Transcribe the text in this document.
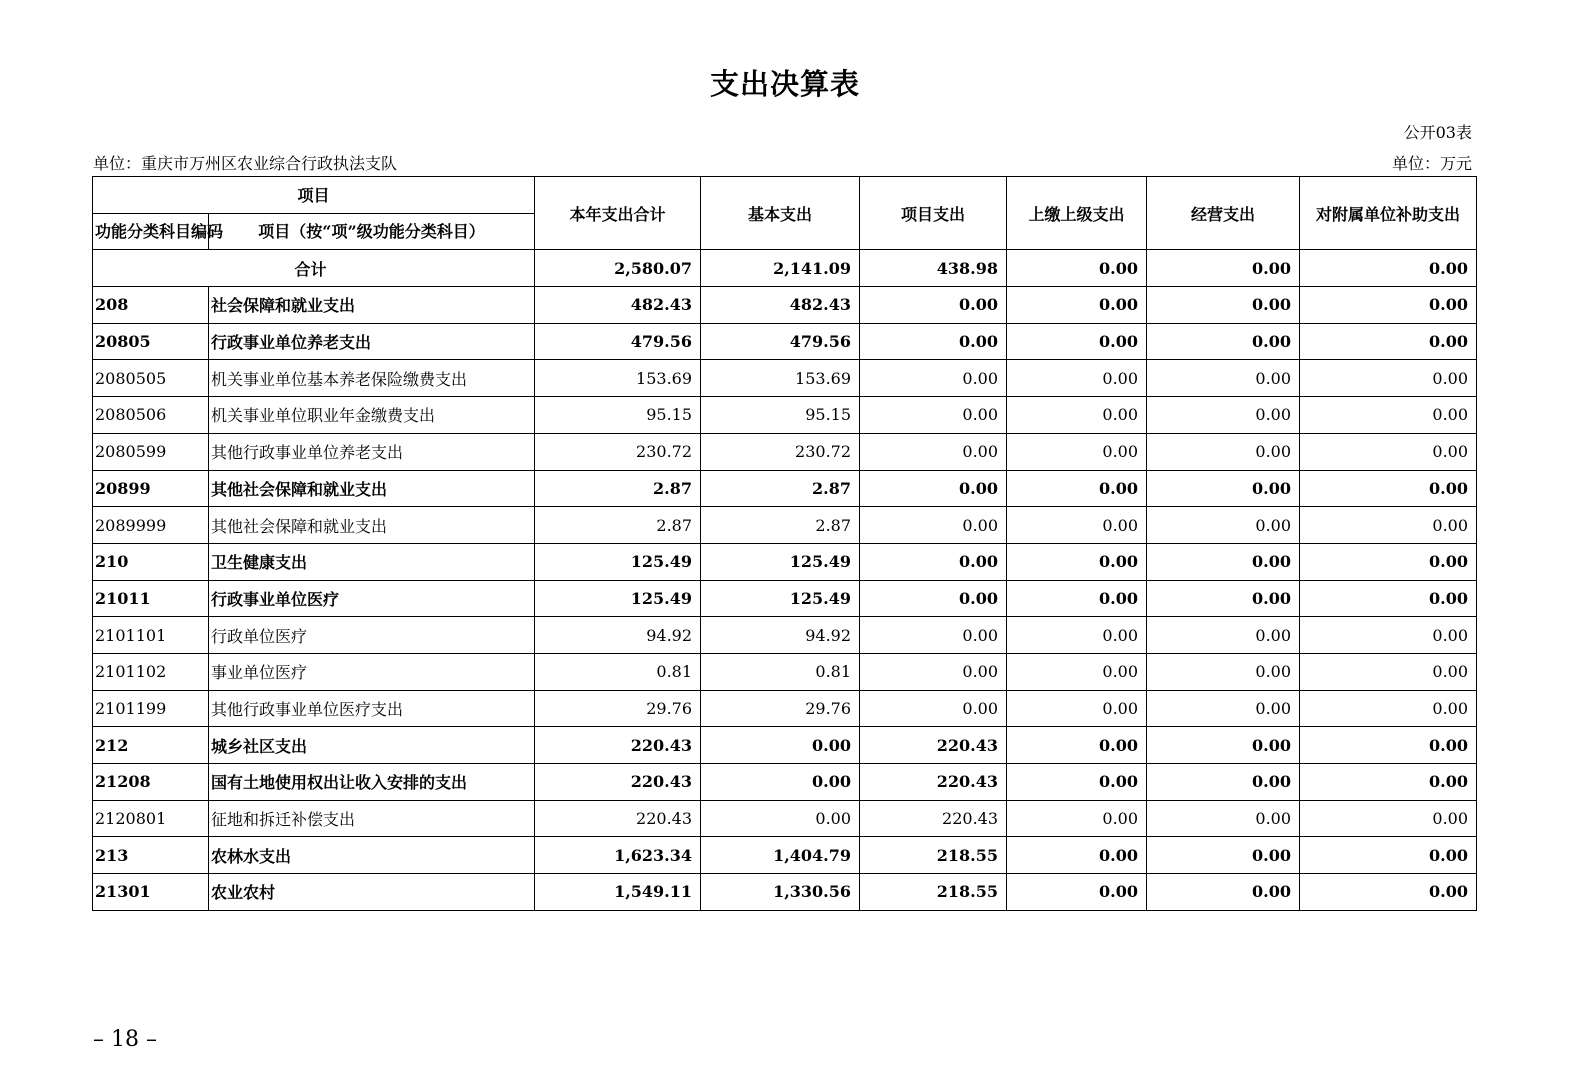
支出决算表
公开03表
单位：重庆市万州区农业综合行政执法支队	单位：万元
项目		本年支出合计	基本支出	项目支出	上缴上级支出	经营支出	对附属单位补助支出
功能分类科目编码	项目（按“项”级功能分类科目）						
合计		2,580.07	2,141.09	438.98	0.00	0.00	0.00
208	社会保障和就业支出	482.43	482.43	0.00	0.00	0.00	0.00
20805	行政事业单位养老支出	479.56	479.56	0.00	0.00	0.00	0.00
2080505	机关事业单位基本养老保险缴费支出	153.69	153.69	0.00	0.00	0.00	0.00
2080506	机关事业单位职业年金缴费支出	95.15	95.15	0.00	0.00	0.00	0.00
2080599	其他行政事业单位养老支出	230.72	230.72	0.00	0.00	0.00	0.00
20899	其他社会保障和就业支出	2.87	2.87	0.00	0.00	0.00	0.00
2089999	其他社会保障和就业支出	2.87	2.87	0.00	0.00	0.00	0.00
210	卫生健康支出	125.49	125.49	0.00	0.00	0.00	0.00
21011	行政事业单位医疗	125.49	125.49	0.00	0.00	0.00	0.00
2101101	行政单位医疗	94.92	94.92	0.00	0.00	0.00	0.00
2101102	事业单位医疗	0.81	0.81	0.00	0.00	0.00	0.00
2101199	其他行政事业单位医疗支出	29.76	29.76	0.00	0.00	0.00	0.00
212	城乡社区支出	220.43	0.00	220.43	0.00	0.00	0.00
21208	国有土地使用权出让收入安排的支出	220.43	0.00	220.43	0.00	0.00	0.00
2120801	征地和拆迁补偿支出	220.43	0.00	220.43	0.00	0.00	0.00
213	农林水支出	1,623.34	1,404.79	218.55	0.00	0.00	0.00
21301	农业农村	1,549.11	1,330.56	218.55	0.00	0.00	0.00
– 18 –
